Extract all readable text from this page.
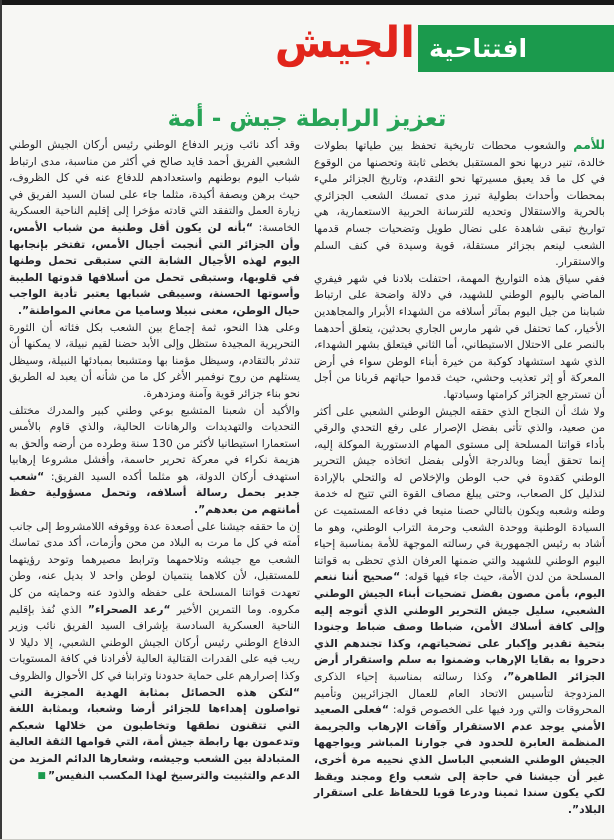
افتتاحية
الجيش
تعزيز الرابطة جيش - أمة

للأمم والشعوب محطات تاريخية تحفظ بين طياتها بطولات خالدة، تنير دربها نحو المستقبل بخطى ثابتة وتحصنها من الوقوع في كل ما قد يعيق مسيرتها نحو التقدم، وتاريخ الجزائر مليء بمحطات وأحداث بطولية تبرز مدى تمسك الشعب الجزائري بالحرية والاستقلال وتحديه للترسانة الحربية الاستعمارية، هي تواريخ تبقى شاهدة على نضال طويل وتضحيات جسام قدمها الشعب لينعم بجزائر مستقلة، قوية وسيدة في كنف السلم والاستقرار.

ففي سياق هذه التواريخ المهمة، احتفلت بلادنا في شهر فيفري الماضي باليوم الوطني للشهيد، في دلالة واضحة على ارتباط شبابنا من جيل اليوم بمآثر أسلافه من الشهداء الأبرار والمجاهدين الأخيار، كما تحتفل في شهر مارس الجاري بحدثين، يتعلق أحدهما بالنصر على الاحتلال الاستيطاني، أما الثاني فيتعلق بشهر الشهداء، الذي شهد استشهاد كوكبة من خيرة أبناء الوطن سواء في أرض المعركة أو إثر تعذيب وحشي، حيث قدموا حياتهم قربانا من أجل أن تسترجع الجزائر كرامتها وسيادتها.

ولا شك أن النجاح الذي حققه الجيش الوطني الشعبي على أكثر من صعيد، والذي تأتى بفضل الإصرار على رفع التحدي والرقي بأداء قواتنا المسلحة إلى مستوى المهام الدستورية الموكلة إليه، إنما تحقق أيضا وبالدرجة الأولى بفضل اتخاذه جيش التحرير الوطني كقدوة في حب الوطن والإخلاص له والتحلي بالإرادة لتذليل كل الصعاب، وحتى يبلغ مصاف القوة التي تتيح له خدمة وطنه وشعبه ويكون بالتالي حصنا منيعا في دفاعه المستميت عن السيادة الوطنية ووحدة الشعب وحرمة التراب الوطني، وهو ما أشاد به رئيس الجمهورية في رسالته الموجهة للأمة بمناسبة إحياء اليوم الوطني للشهيد والتي ضمنها العرفان الذي تحظى به قواتنا المسلحة من لدن الأمة، حيث جاء فيها قوله: “صحيح أننا ننعم اليوم، بأمن مصون بفضل تضحيات أبناء الجيش الوطني الشعبي، سليل جيش التحرير الوطني الذي أتوجه إليه وإلى كافة أسلاك الأمن، ضباطا وصف ضباط وجنودا بتحية تقدير وإكبار على تضحياتهم، وكذا تجندهم الذي دحروا به بقايا الإرهاب وضمنوا به سلم واستقرار أرض الجزائر الطاهرة”، وكذا رسالته بمناسبة إحياء الذكرى المزدوجة لتأسيس الاتحاد العام للعمال الجزائريين وتأميم المحروقات والتي ورد فيها على الخصوص قوله: “فعلى الصعيد الأمني يوجد عدم الاستقرار وآفات الإرهاب والجريمة المنظمة العابرة للحدود في جوارنا المباشر ويواجهها الجيش الوطني الشعبي الباسل الذي نحييه مرة أخرى، غير أن جيشنا في حاجة إلى شعب واع ومجند ويقظ لكي يكون سندا ثمينا ودرعا قويا للحفاظ على استقرار البلاد”.

وقد أكد نائب وزير الدفاع الوطني رئيس أركان الجيش الوطني الشعبي الفريق أحمد قايد صالح في أكثر من مناسبة، مدى ارتباط شباب اليوم بوطنهم واستعدادهم للدفاع عنه في كل الظروف، حيث برهن وبصفة أكيدة، مثلما جاء على لسان السيد الفريق في زيارة العمل والتفقد التي قادته مؤخرا إلى إقليم الناحية العسكرية الخامسة: “بأنه لن يكون أقل وطنية من شباب الأمس، وأن الجزائر التي أنجبت أجيال الأمس، تفتخر بإنجابها اليوم لهذه الأجيال الشابة التي ستبقى تحمل وطنها في قلوبها، وستبقى تحمل من أسلافها قدوتها الطيبة وأسوتها الحسنة، وسيبقى شبابها يعتبر تأدية الواجب حيال الوطن، معنى نبيلا وساميا من معاني المواطنة”.

وعلى هذا النحو، ثمة إجماع بين الشعب بكل فئاته أن الثورة التحريرية المجيدة ستظل وإلى الأبد حضنا لقيم نبيلة، لا يمكنها أن تندثر بالتقادم، وسيظل مؤمنا بها ومتشبعا بمبادئها النبيلة، وسيظل يستلهم من روح نوفمبر الأغر كل ما من شأنه أن يعبد له الطريق نحو بناء جزائر قوية وآمنة ومزدهرة.

والأكيد أن شعبنا المتشبع بوعي وطني كبير والمدرك مختلف التحديات والتهديدات والرهانات الحالية، والذي قاوم بالأمس استعمارا استيطانيا لأكثر من 130 سنة وطرده من أرضه وألحق به هزيمة نكراء في معركة تحرير حاسمة، وأفشل مشروعا إرهابيا استهدف أركان الدولة، هو مثلما أكده السيد الفريق: “شعب جدير بحمل رسالة أسلافه، وتحمل مسؤولية حفظ أمانتهم من بعدهم”.

إن ما حققه جيشنا على أصعدة عدة ووقوفه اللامشروط إلى جانب أمته في كل ما مرت به البلاد من محن وأزمات، أكد مدى تماسك الشعب مع جيشه وتلاحمهما وترابط مصيرهما وتوحد رؤيتهما للمستقبل، لأن كلاهما ينتميان لوطن واحد لا بديل عنه، وطن تعهدت قواتنا المسلحة على حفظه والذود عنه وحمايته من كل مكروه. وما التمرين الأخير “رعد الصحراء” الذي نُفذ بإقليم الناحية العسكرية السادسة بإشراف السيد الفريق نائب وزير الدفاع الوطني رئيس أركان الجيش الوطني الشعبي، إلا دليلا لا ريب فيه على القدرات القتالية العالية لأفرادنا في كافة المستويات وكذا إصرارهم على حماية حدودنا وترابنا في كل الأحوال والظروف “لتكن هذه الحصائل بمثابة الهدية المجزية التي تواصلون إهداءها للجزائر أرضا وشعبا، وبمثابة اللغة التي تتقنون نطقها وتخاطبون من خلالها شعبكم وتدعمون بها رابطة جيش أمة، التي قوامها الثقة العالية المتبادلة بين الشعب وجيشه، وشعارها الدائم المزيد من الدعم والتثبيت والترسيخ لهذا المكسب النفيس”■
